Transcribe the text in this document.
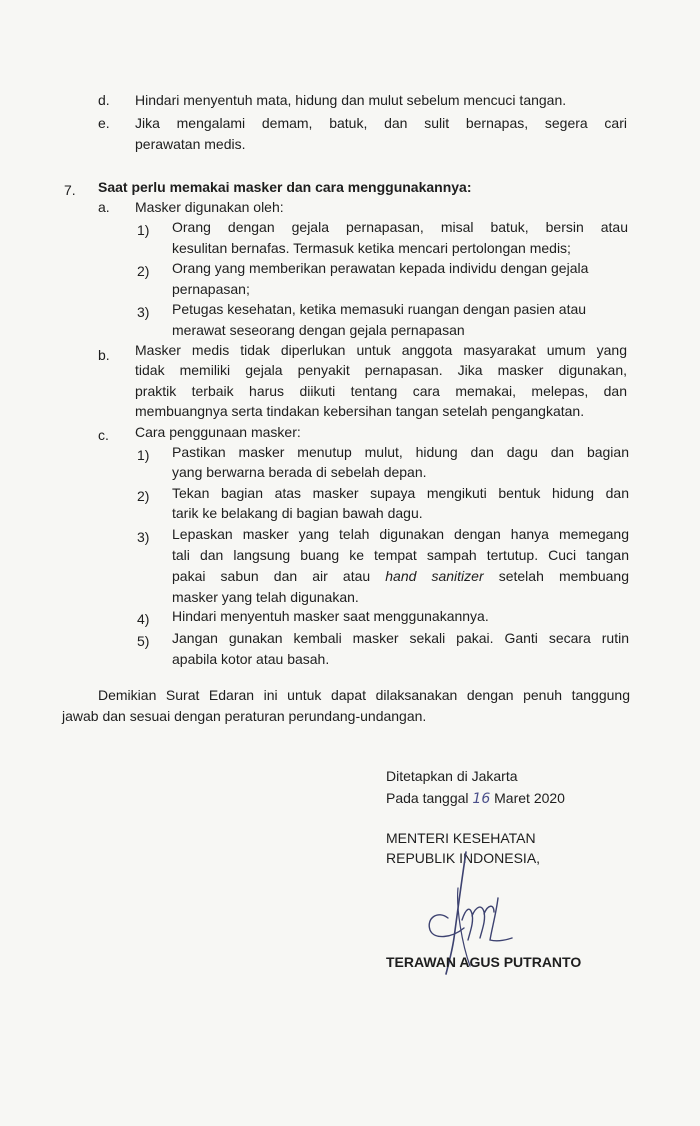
d. Hindari menyentuh mata, hidung dan mulut sebelum mencuci tangan.
e. Jika mengalami demam, batuk, dan sulit bernapas, segera cari
perawatan medis.
7. Saat perlu memakai masker dan cara menggunakannya:
a. Masker digunakan oleh:
1) Orang dengan gejala pernapasan, misal batuk, bersin atau
kesulitan bernafas. Termasuk ketika mencari pertolongan medis;
2) Orang yang memberikan perawatan kepada individu dengan gejala
pernapasan;
3) Petugas kesehatan, ketika memasuki ruangan dengan pasien atau
merawat seseorang dengan gejala pernapasan
b. Masker medis tidak diperlukan untuk anggota masyarakat umum yang
tidak memiliki gejala penyakit pernapasan. Jika masker digunakan,
praktik terbaik harus diikuti tentang cara memakai, melepas, dan
membuangnya serta tindakan kebersihan tangan setelah pengangkatan.
c. Cara penggunaan masker:
1) Pastikan masker menutup mulut, hidung dan dagu dan bagian
yang berwarna berada di sebelah depan.
2) Tekan bagian atas masker supaya mengikuti bentuk hidung dan
tarik ke belakang di bagian bawah dagu.
3) Lepaskan masker yang telah digunakan dengan hanya memegang
tali dan langsung buang ke tempat sampah tertutup. Cuci tangan
pakai sabun dan air atau hand sanitizer setelah membuang
masker yang telah digunakan.
4) Hindari menyentuh masker saat menggunakannya.
5) Jangan gunakan kembali masker sekali pakai. Ganti secara rutin
apabila kotor atau basah.
Demikian Surat Edaran ini untuk dapat dilaksanakan dengan penuh tanggung
jawab dan sesuai dengan peraturan perundang-undangan.
Ditetapkan di Jakarta
Pada tanggal 16 Maret 2020
MENTERI KESEHATAN
REPUBLIK INDONESIA,
TERAWAN AGUS PUTRANTO
